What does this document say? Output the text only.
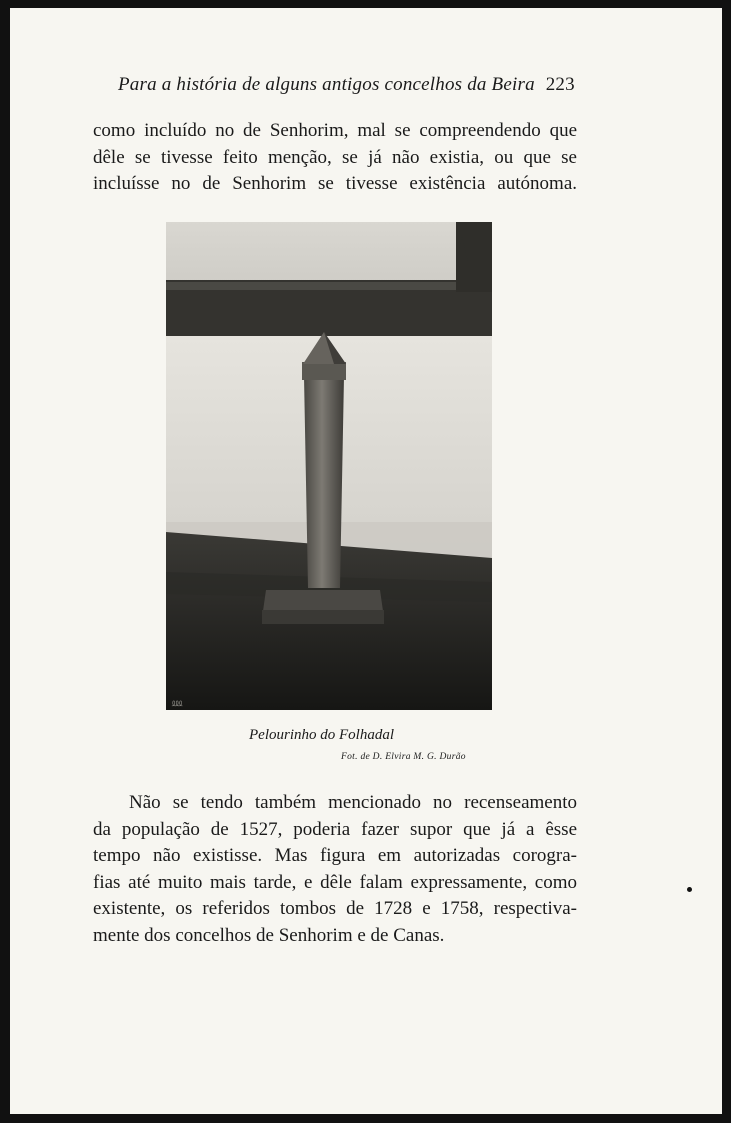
Para a história de alguns antigos concelhos da Beira 223
como incluído no de Senhorim, mal se compreendendo que
dêle se tivesse feito menção, se já não existia, ou que se
incluísse no de Senhorim se tivesse existência autónoma.
⅏
Pelourinho do Folhadal
Fot. de D. Elvira M. G. Durão
Não se tendo também mencionado no recenseamento
da população de 1527, poderia fazer supor que já a êsse
tempo não existisse. Mas figura em autorizadas corogra-
fias até muito mais tarde, e dêle falam expressamente, como
existente, os referidos tombos de 1728 e 1758, respectiva-
mente dos concelhos de Senhorim e de Canas.
